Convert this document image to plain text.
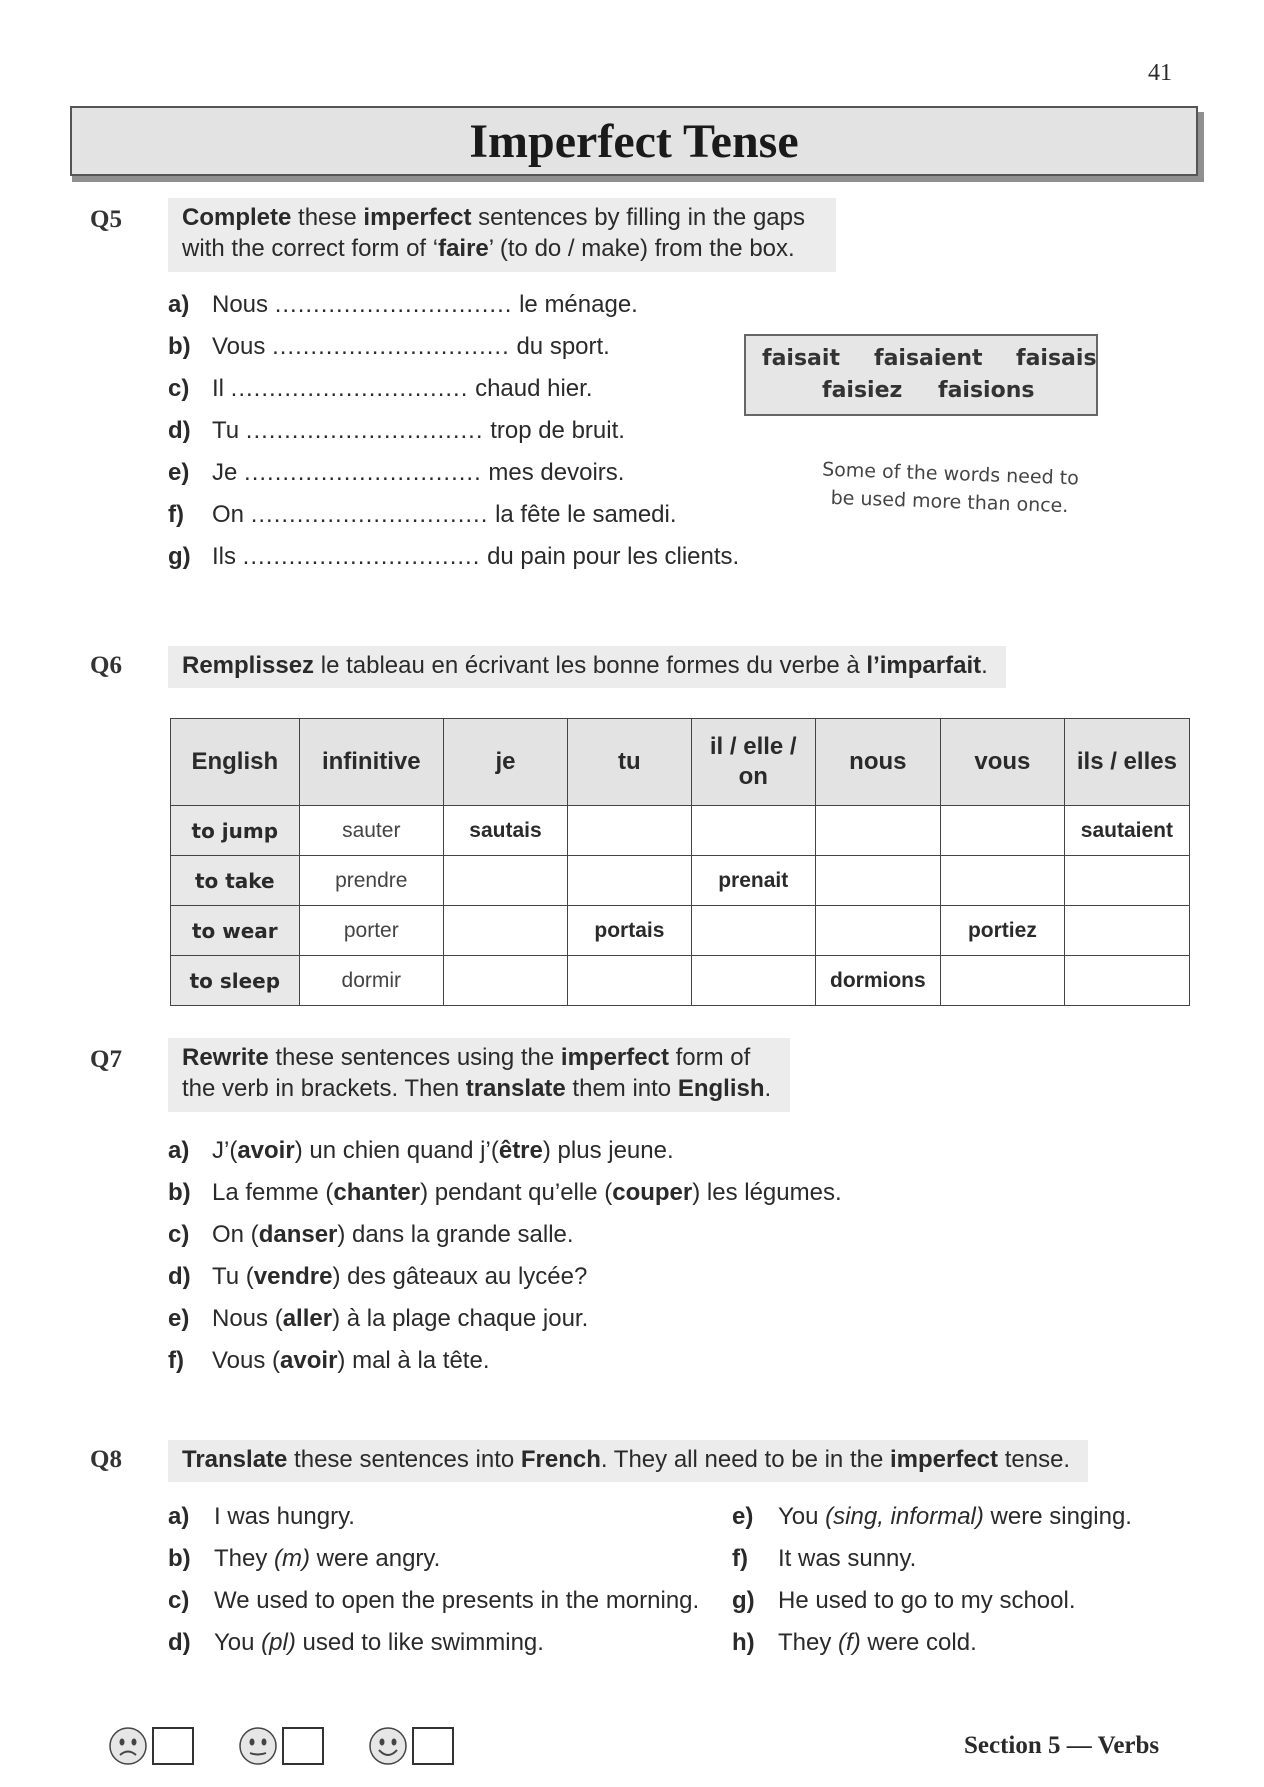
41
Imperfect Tense
Q5	Complete these imperfect sentences by filling in the gaps
with the correct form of ‘faire’ (to do / make) from the box.
a) Nous ............................... le ménage.
b) Vous ............................... du sport.
c) Il ............................... chaud hier.
d) Tu ............................... trop de bruit.
e) Je ............................... mes devoirs.
f) On ............................... la fête le samedi.
g) Ils ............................... du pain pour les clients.
faisait faisaient faisais
faisiez faisions
Some of the words need to
be used more than once.
Q6	Remplissez le tableau en écrivant les bonne formes du verbe à l’imparfait.
English	infinitive	je	tu	il / elle / on	nous	vous	ils / elles
to jump	sauter	sautais					sautaient
to take	prendre			prenait			
to wear	porter		portais			portiez	
to sleep	dormir				dormions		
Q7	Rewrite these sentences using the imperfect form of
the verb in brackets. Then translate them into English.
a) J’(avoir) un chien quand j’(être) plus jeune.
b) La femme (chanter) pendant qu’elle (couper) les légumes.
c) On (danser) dans la grande salle.
d) Tu (vendre) des gâteaux au lycée?
e) Nous (aller) à la plage chaque jour.
f) Vous (avoir) mal à la tête.
Q8	Translate these sentences into French. They all need to be in the imperfect tense.
a) I was hungry.
b) They (m) were angry.
c) We used to open the presents in the morning.
d) You (pl) used to like swimming.
e) You (sing, informal) were singing.
f) It was sunny.
g) He used to go to my school.
h) They (f) were cold.
Section 5 — Verbs
